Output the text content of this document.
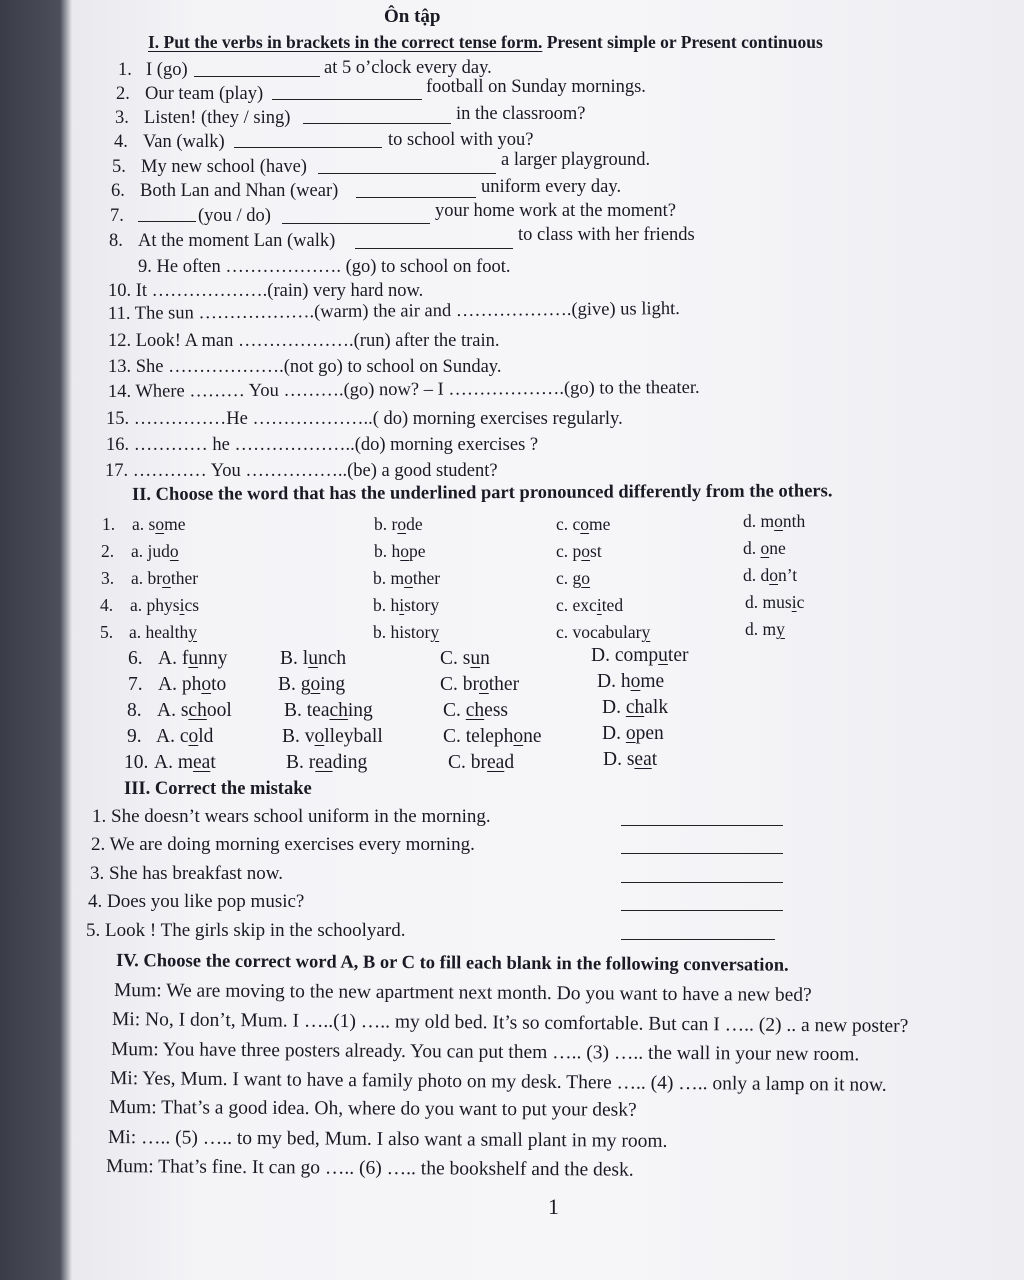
Ôn tập
I. Put the verbs in brackets in the correct tense form. Present simple or Present continuous
1. I (go)	at 5 o’clock every day.
2. Our team (play)	football on Sunday mornings.
3. Listen! (they / sing)	in the classroom?
4. Van (walk)	to school with you?
5. My new school (have)	a larger playground.
6. Both Lan and Nhan (wear)	uniform every day.
7.	(you / do)	your home work at the moment?
8. At the moment Lan (walk)	to class with her friends
9. He often ………………. (go) to school on foot.
10. It ……………….(rain) very hard now.
11. The sun ……………….(warm) the air and ……………….(give) us light.
12. Look! A man ……………….(run) after the train.
13. She ……………….(not go) to school on Sunday.
14. Where ……… You ……….(go) now? – I ……………….(go) to the theater.
15. ……………He ………………..( do) morning exercises regularly.
16. ………… he ………………..(do) morning exercises ?
17. ………… You ……………..(be) a good student?
II. Choose the word that has the underlined part pronounced differently from the others.
1. a. some	b. rode	c. come	d. month
2. a. judo	b. hope	c. post	d. one
3. a. brother	b. mother	c. go	d. don’t
4. a. physics	b. history	c. excited	d. music
5. a. healthy	b. history	c. vocabulary	d. my
6. A. funny	B. lunch	C. sun	D. computer
7. A. photo	B. going	C. brother	D. home
8. A. school	B. teaching	C. chess	D. chalk
9. A. cold	B. volleyball	C. telephone	D. open
10. A. meat	B. reading	C. bread	D. seat
III. Correct the mistake
1. She doesn’t wears school uniform in the morning.
2. We are doing morning exercises every morning.
3. She has breakfast now.
4. Does you like pop music?
5. Look ! The girls skip in the schoolyard.
IV. Choose the correct word A, B or C to fill each blank in the following conversation.
Mum: We are moving to the new apartment next month. Do you want to have a new bed?
Mi: No, I don’t, Mum. I …..(1) ….. my old bed. It’s so comfortable. But can I ….. (2) .. a new poster?
Mum: You have three posters already. You can put them ….. (3) ….. the wall in your new room.
Mi: Yes, Mum. I want to have a family photo on my desk. There ….. (4) ….. only a lamp on it now.
Mum: That’s a good idea. Oh, where do you want to put your desk?
Mi: ….. (5) ….. to my bed, Mum. I also want a small plant in my room.
Mum: That’s fine. It can go ….. (6) ….. the bookshelf and the desk.
1
